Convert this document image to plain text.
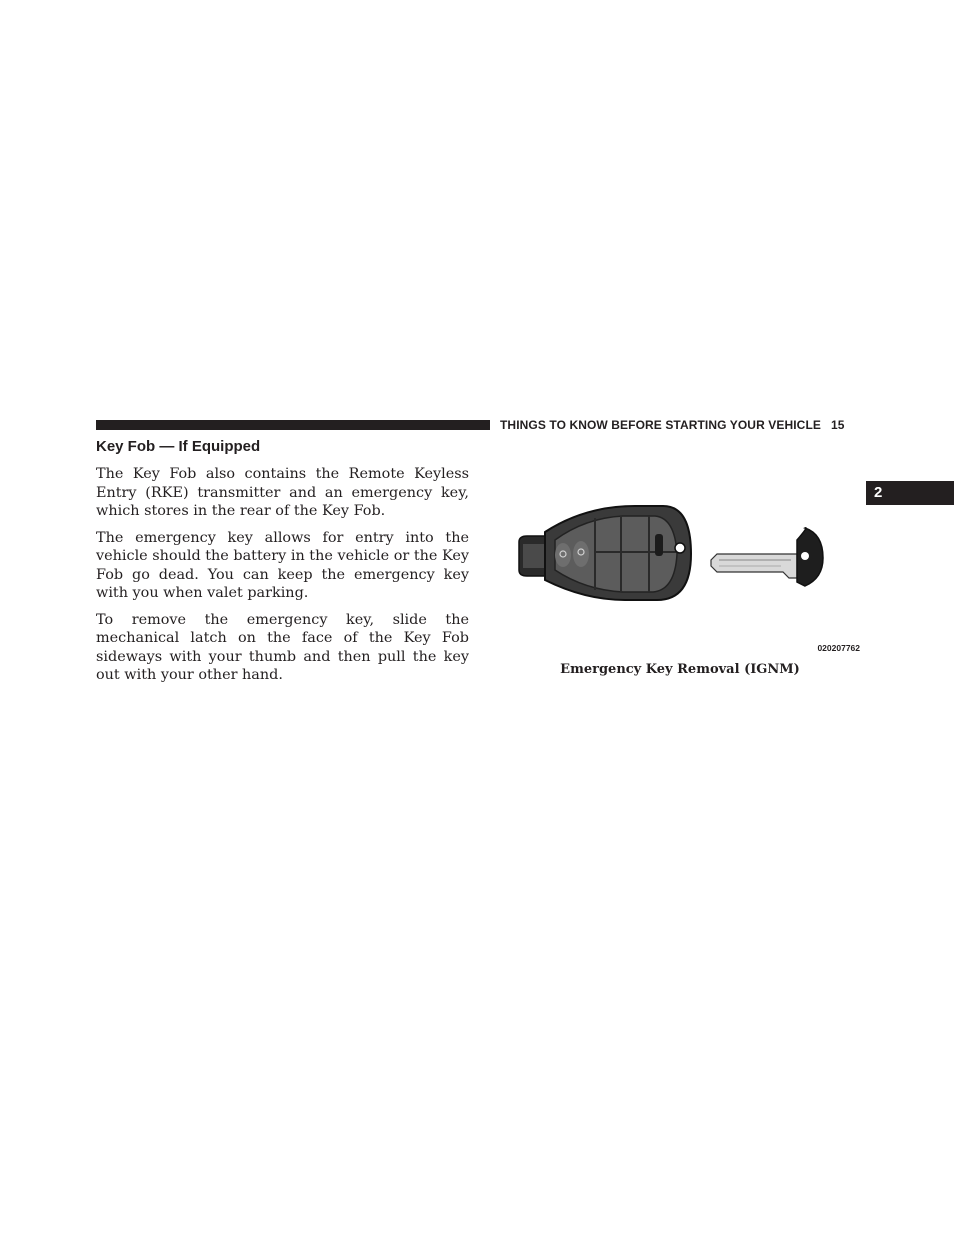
THINGS TO KNOW BEFORE STARTING YOUR VEHICLE 15
2
Key Fob — If Equipped

The Key Fob also contains the Remote Keyless Entry (RKE) transmitter and an emergency key, which stores in the rear of the Key Fob.

The emergency key allows for entry into the vehicle should the battery in the vehicle or the Key Fob go dead. You can keep the emergency key with you when valet parking.

To remove the emergency key, slide the mechanical latch on the face of the Key Fob sideways with your thumb and then pull the key out with your other hand.

020207762
Emergency Key Removal (IGNM)
